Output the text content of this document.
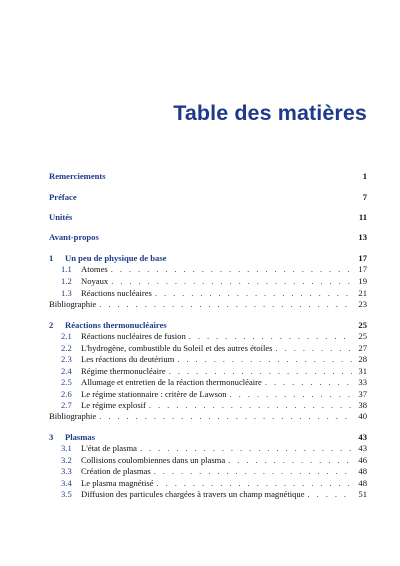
Table des matières
Remerciements	1
Préface	7
Unités	11
Avant-propos	13
1	Un peu de physique de base	17
1.1	Atomes . . .	17
1.2	Noyaux . . .	19
1.3	Réactions nucléaires . . .	21
Bibliographie . . .	23
2	Réactions thermonucléaires	25
2.1	Réactions nucléaires de fusion . . .	25
2.2	L'hydrogène, combustible du Soleil et des autres étoiles . . .	27
2.3	Les réactions du deutérium . . .	28
2.4	Régime thermonucléaire . . .	31
2.5	Allumage et entretien de la réaction thermonucléaire . . .	33
2.6	Le régime stationnaire : critère de Lawson . . .	37
2.7	Le régime explosif . . .	38
Bibliographie . . .	40
3	Plasmas	43
3.1	L'état de plasma . . .	43
3.2	Collisions coulombiennes dans un plasma . . .	46
3.3	Création de plasmas . . .	48
3.4	Le plasma magnétisé . . .	48
3.5	Diffusion des particules chargées à travers un champ magnétique . . .	51
